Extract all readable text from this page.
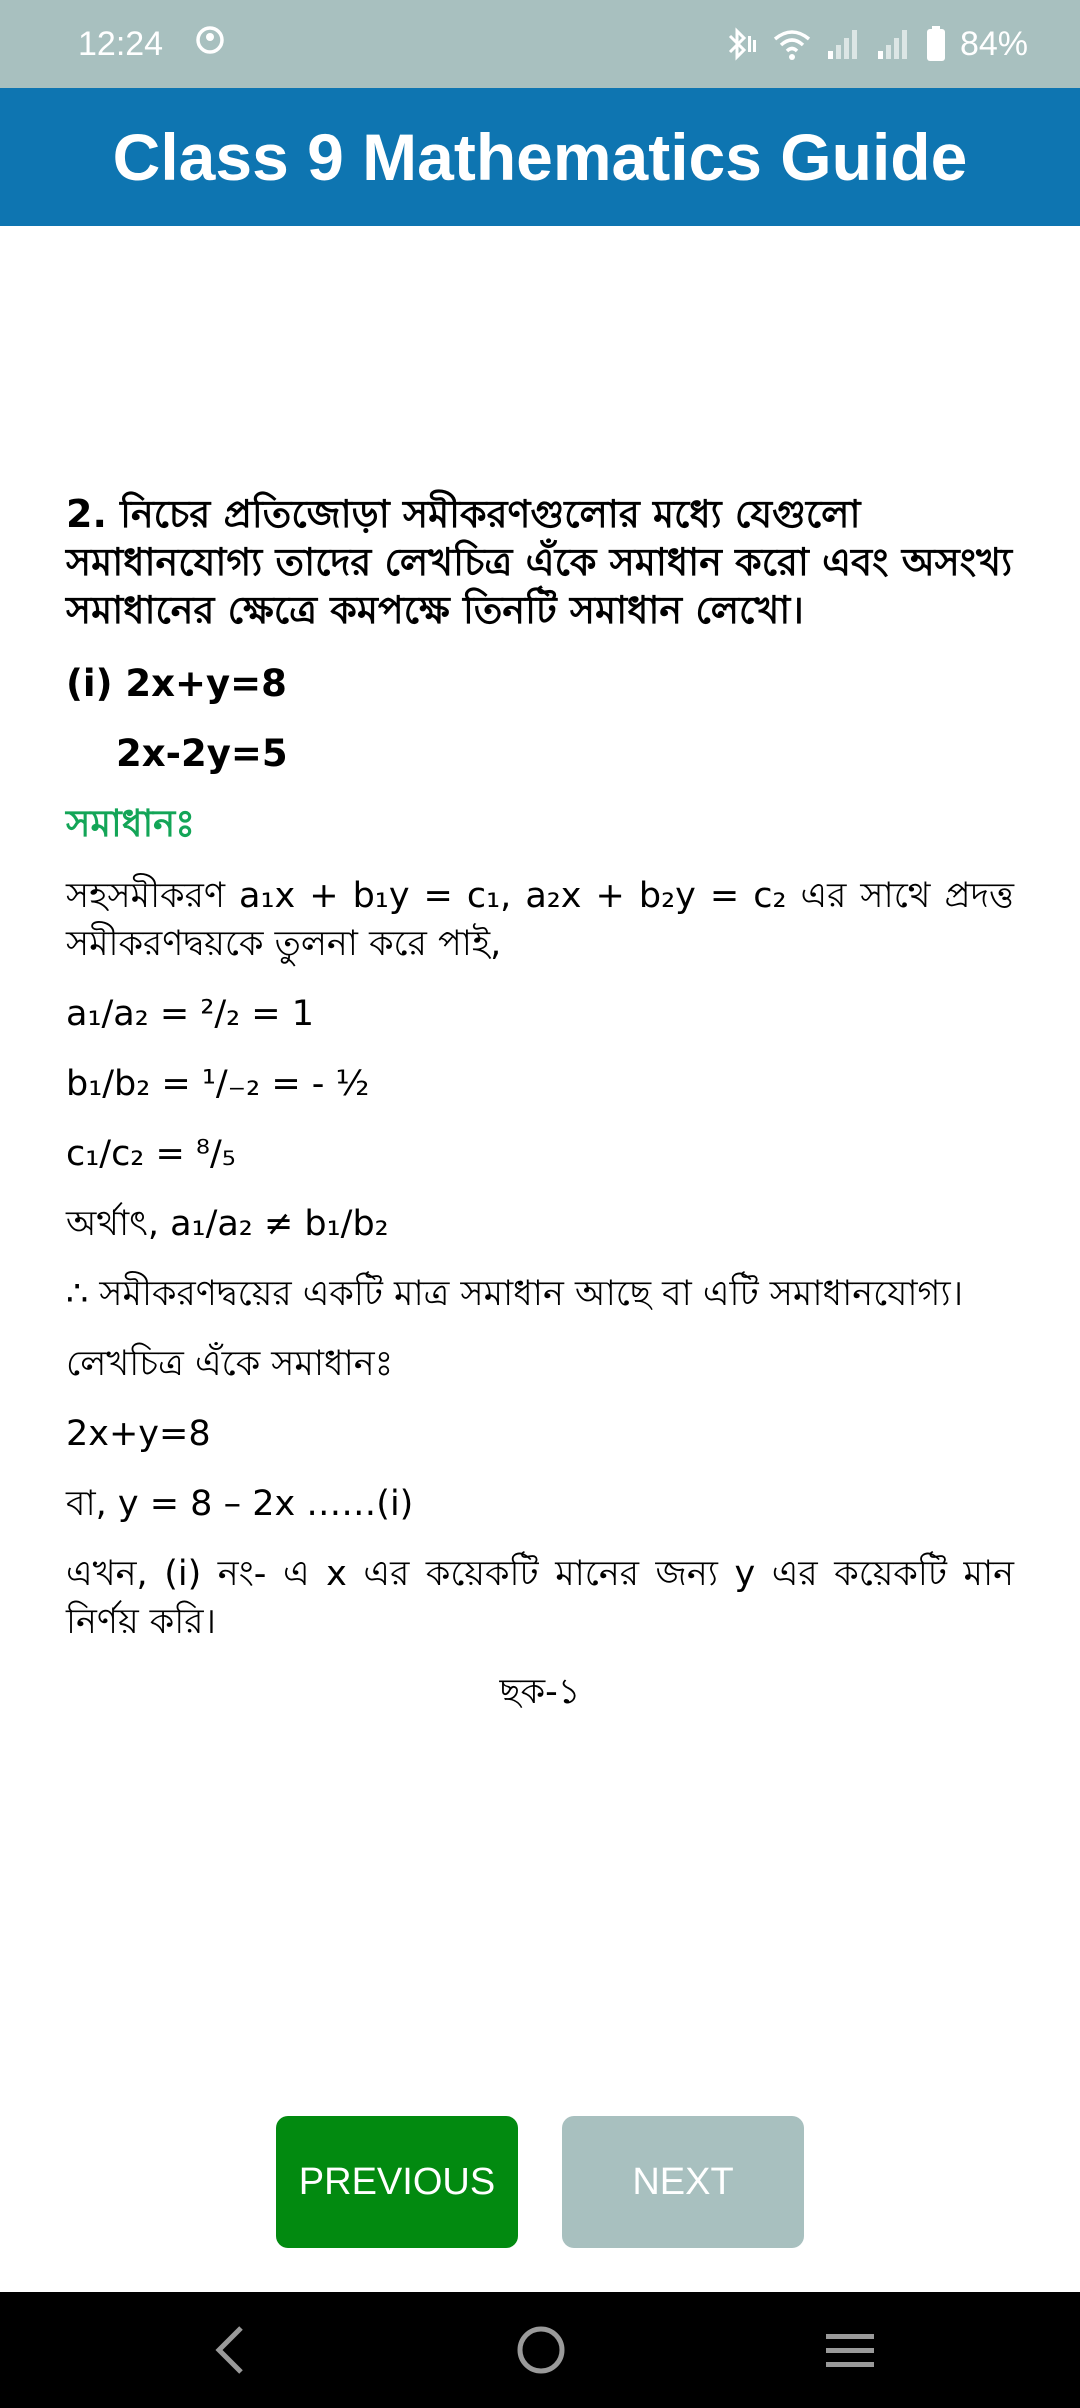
12:24	84%
Class 9 Mathematics Guide

2. নিচের প্রতিজোড়া সমীকরণগুলোর মধ্যে যেগুলো সমাধানযোগ্য তাদের লেখচিত্র এঁকে সমাধান করো এবং অসংখ্য সমাধানের ক্ষেত্রে কমপক্ষে তিনটি সমাধান লেখো।

(i) 2x+y=8

2x-2y=5

সমাধানঃ

সহসমীকরণ a₁x + b₁y = c₁, a₂x + b₂y = c₂ এর সাথে প্রদত্ত সমীকরণদ্বয়কে তুলনা করে পাই,

a₁/a₂ = ²/₂ = 1

b₁/b₂ = ¹/₋₂ = - ½

c₁/c₂ = ⁸/₅

অর্থাৎ, a₁/a₂ ≠ b₁/b₂

∴ সমীকরণদ্বয়ের একটি মাত্র সমাধান আছে বা এটি সমাধানযোগ্য।

লেখচিত্র এঁকে সমাধানঃ

2x+y=8

বা, y = 8 – 2x ……(i)

এখন, (i) নং- এ x এর কয়েকটি মানের জন্য y এর কয়েকটি মান নির্ণয় করি।

ছক-১

PREVIOUS	NEXT
